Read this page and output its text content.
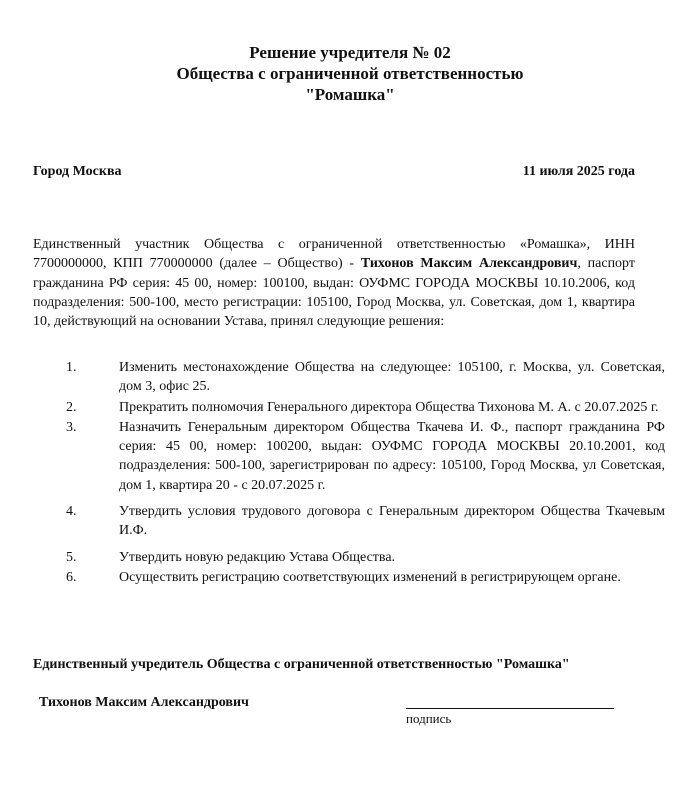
Решение учредителя № 02
Общества с ограниченной ответственностью
"Ромашка"
Город Москва	11 июля 2025 года
Единственный участник Общества с ограниченной ответственностью «Ромашка», ИНН 7700000000, КПП 770000000 (далее – Общество) - Тихонов Максим Александрович, паспорт гражданина РФ серия: 45 00, номер: 100100, выдан: ОУФМС ГОРОДА МОСКВЫ 10.10.2006, код подразделения: 500-100, место регистрации: 105100, Город Москва, ул. Советская, дом 1, квартира 10, действующий на основании Устава, принял следующие решения:
1.	Изменить местонахождение Общества на следующее: 105100, г. Москва, ул. Советская, дом 3, офис 25.
2.	Прекратить полномочия Генерального директора Общества Тихонова М. А. с 20.07.2025 г.
3.	Назначить Генеральным директором Общества Ткачева И. Ф., паспорт гражданина РФ серия: 45 00, номер: 100200, выдан: ОУФМС ГОРОДА МОСКВЫ 20.10.2001, код подразделения: 500-100, зарегистрирован по адресу: 105100, Город Москва, ул Советская, дом 1, квартира 20 - с 20.07.2025 г.
4.	Утвердить условия трудового договора с Генеральным директором Общества Ткачевым И.Ф.
5.	Утвердить новую редакцию Устава Общества.
6.	Осуществить регистрацию соответствующих изменений в регистрирующем органе.
Единственный учредитель Общества с ограниченной ответственностью "Ромашка"
Тихонов Максим Александрович
подпись
